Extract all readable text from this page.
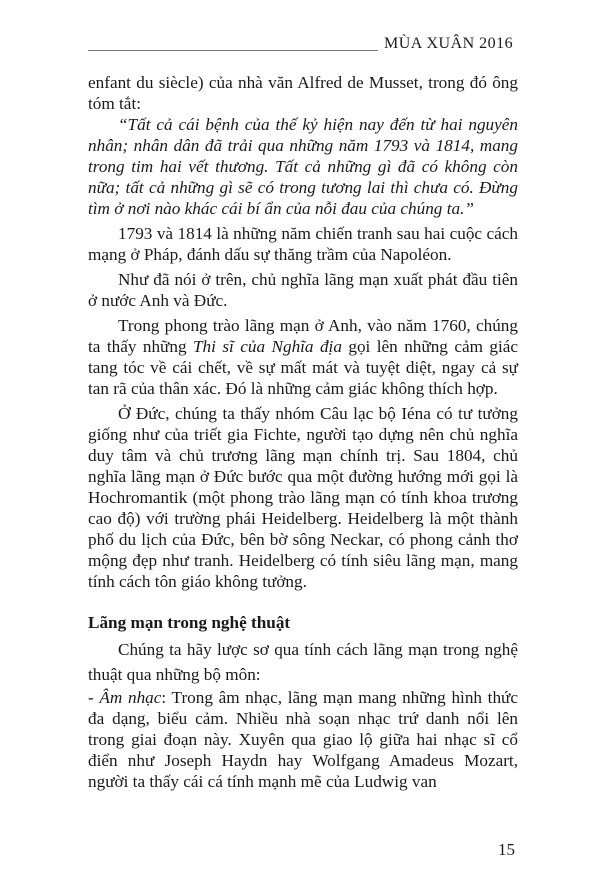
MÙA XUÂN 2016

enfant du siècle) của nhà văn Alfred de Musset, trong đó ông tóm tắt:

“Tất cả cái bệnh của thế kỷ hiện nay đến từ hai nguyên nhân; nhân dân đã trải qua những năm 1793 và 1814, mang trong tim hai vết thương. Tất cả những gì đã có không còn nữa; tất cả những gì sẽ có trong tương lai thì chưa có. Đừng tìm ở nơi nào khác cái bí ẩn của nỗi đau của chúng ta.”

1793 và 1814 là những năm chiến tranh sau hai cuộc cách mạng ở Pháp, đánh dấu sự thăng trầm của Napoléon.

Như đã nói ở trên, chủ nghĩa lãng mạn xuất phát đầu tiên ở nước Anh và Đức.

Trong phong trào lãng mạn ở Anh, vào năm 1760, chúng ta thấy những Thi sĩ của Nghĩa địa gọi lên những cảm giác tang tóc về cái chết, về sự mất mát và tuyệt diệt, ngay cả sự tan rã của thân xác. Đó là những cảm giác không thích hợp.

Ở Đức, chúng ta thấy nhóm Câu lạc bộ Iéna có tư tưởng giống như của triết gia Fichte, người tạo dựng nên chủ nghĩa duy tâm và chủ trương lãng mạn chính trị. Sau 1804, chủ nghĩa lãng mạn ở Đức bước qua một đường hướng mới gọi là Hochromantik (một phong trào lãng mạn có tính khoa trương cao độ) với trường phái Heidelberg. Heidelberg là một thành phố du lịch của Đức, bên bờ sông Neckar, có phong cảnh thơ mộng đẹp như tranh. Heidelberg có tính siêu lãng mạn, mang tính cách tôn giáo không tưởng.

Lãng mạn trong nghệ thuật

Chúng ta hãy lược sơ qua tính cách lãng mạn trong nghệ thuật qua những bộ môn:

- Âm nhạc: Trong âm nhạc, lãng mạn mang những hình thức đa dạng, biểu cảm. Nhiều nhà soạn nhạc trứ danh nổi lên trong giai đoạn này. Xuyên qua giao lộ giữa hai nhạc sĩ cổ điển như Joseph Haydn hay Wolfgang Amadeus Mozart, người ta thấy cái cá tính mạnh mẽ của Ludwig van

15
